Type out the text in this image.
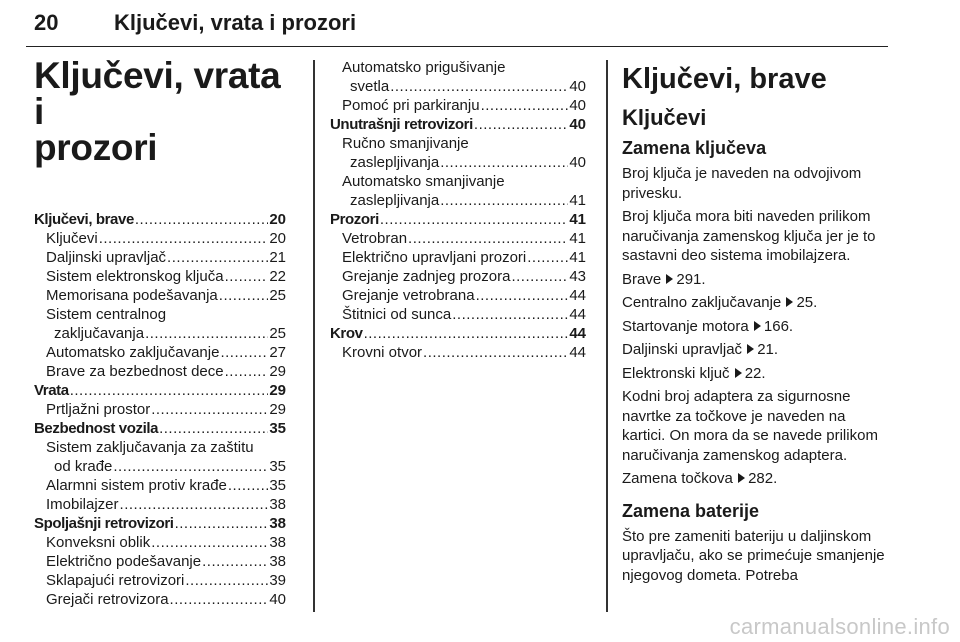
20	Ključevi, vrata i prozori
Ključevi, vrata i
prozori
Ključevi, brave .....	20
Ključevi .....	20
Daljinski upravljač .....	21
Sistem elektronskog ključa .....	22
Memorisana podešavanja .....	25
Sistem centralnog
zaključavanja .....	25
Automatsko zaključavanje .....	27
Brave za bezbednost dece .....	29
Vrata .....	29
Prtljažni prostor .....	29
Bezbednost vozila .....	35
Sistem zaključavanja za zaštitu
od krađe .....	35
Alarmni sistem protiv krađe .....	35
Imobilajzer .....	38
Spoljašnji retrovizori .....	38
Konveksni oblik .....	38
Električno podešavanje .....	38
Sklapajući retrovizori .....	39
Grejači retrovizora .....	40
Automatsko prigušivanje
svetla .....	40
Pomoć pri parkiranju .....	40
Unutrašnji retrovizori .....	40
Ručno smanjivanje
zaslepljivanja .....	40
Automatsko smanjivanje
zaslepljivanja .....	41
Prozori .....	41
Vetrobran .....	41
Električno upravljani prozori .....	41
Grejanje zadnjeg prozora .....	43
Grejanje vetrobrana .....	44
Štitnici od sunca .....	44
Krov .....	44
Krovni otvor .....	44
Ključevi, brave
Ključevi
Zamena ključeva

Broj ključa je naveden na odvojivom privesku.

Broj ključa mora biti naveden prilikom naručivanja zamenskog ključa jer je to sastavni deo sistema imobilajzera.

Brave 291.

Centralno zaključavanje 25.

Startovanje motora 166.

Daljinski upravljač 21.

Elektronski ključ 22.

Kodni broj adaptera za sigurnosne navrtke za točkove je naveden na kartici. On mora da se navede prilikom naručivanja zamenskog adaptera.

Zamena točkova 282.

Zamena baterije

Što pre zameniti bateriju u daljinskom upravljaču, ako se primećuje smanjenje njegovog dometa. Potreba

carmanualsonline.info
